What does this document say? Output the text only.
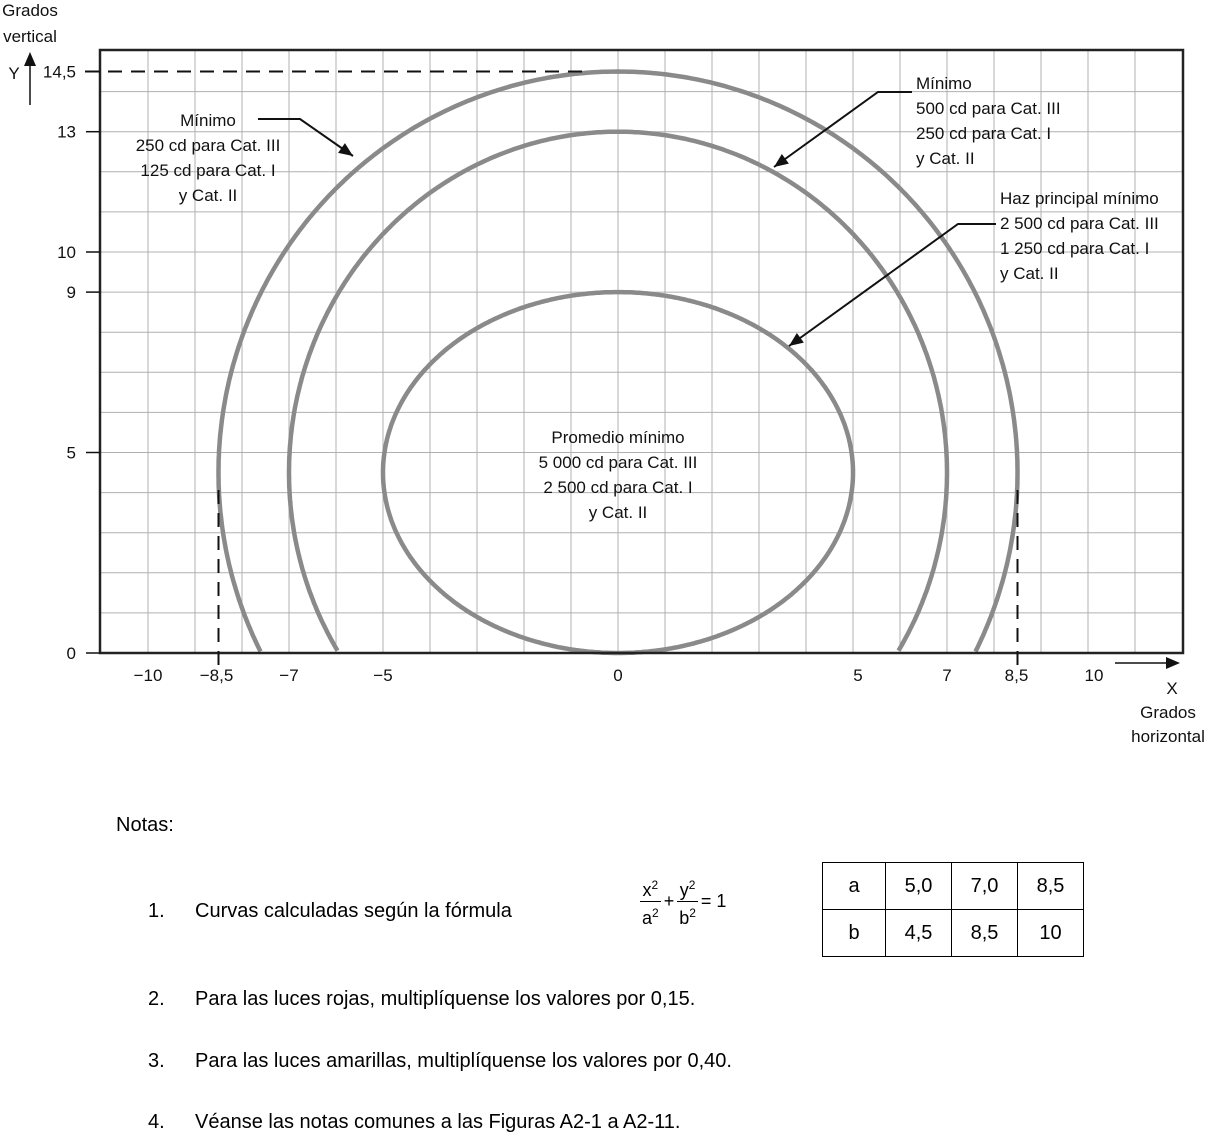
0
5
9
10
13
14,5
−10 −8,5	−7	−5	0	5	7	8,5	10
Grados
vertical
Y
X
Grados
horizontal
Mínimo
250 cd para Cat. III
125 cd para Cat. I
y Cat. II
Mínimo
500 cd para Cat. III
250 cd para Cat. I
y Cat. II
Haz principal mínimo
2 500 cd para Cat. III
1 250 cd para Cat. I
y Cat. II
Promedio mínimo
5 000 cd para Cat. III
2 500 cd para Cat. I
y Cat. II
Notas:
1.	Curvas calculadas según la fórmula	$\frac{x^2}{a^2} + \frac{y^2}{b^2} = 1$
a	5,0	7,0	8,5
b	4,5	8,5	10
2.	Para las luces rojas, multiplíquense los valores por 0,15.
3.	Para las luces amarillas, multiplíquense los valores por 0,40.
4.	Véanse las notas comunes a las Figuras A2-1 a A2-11.
